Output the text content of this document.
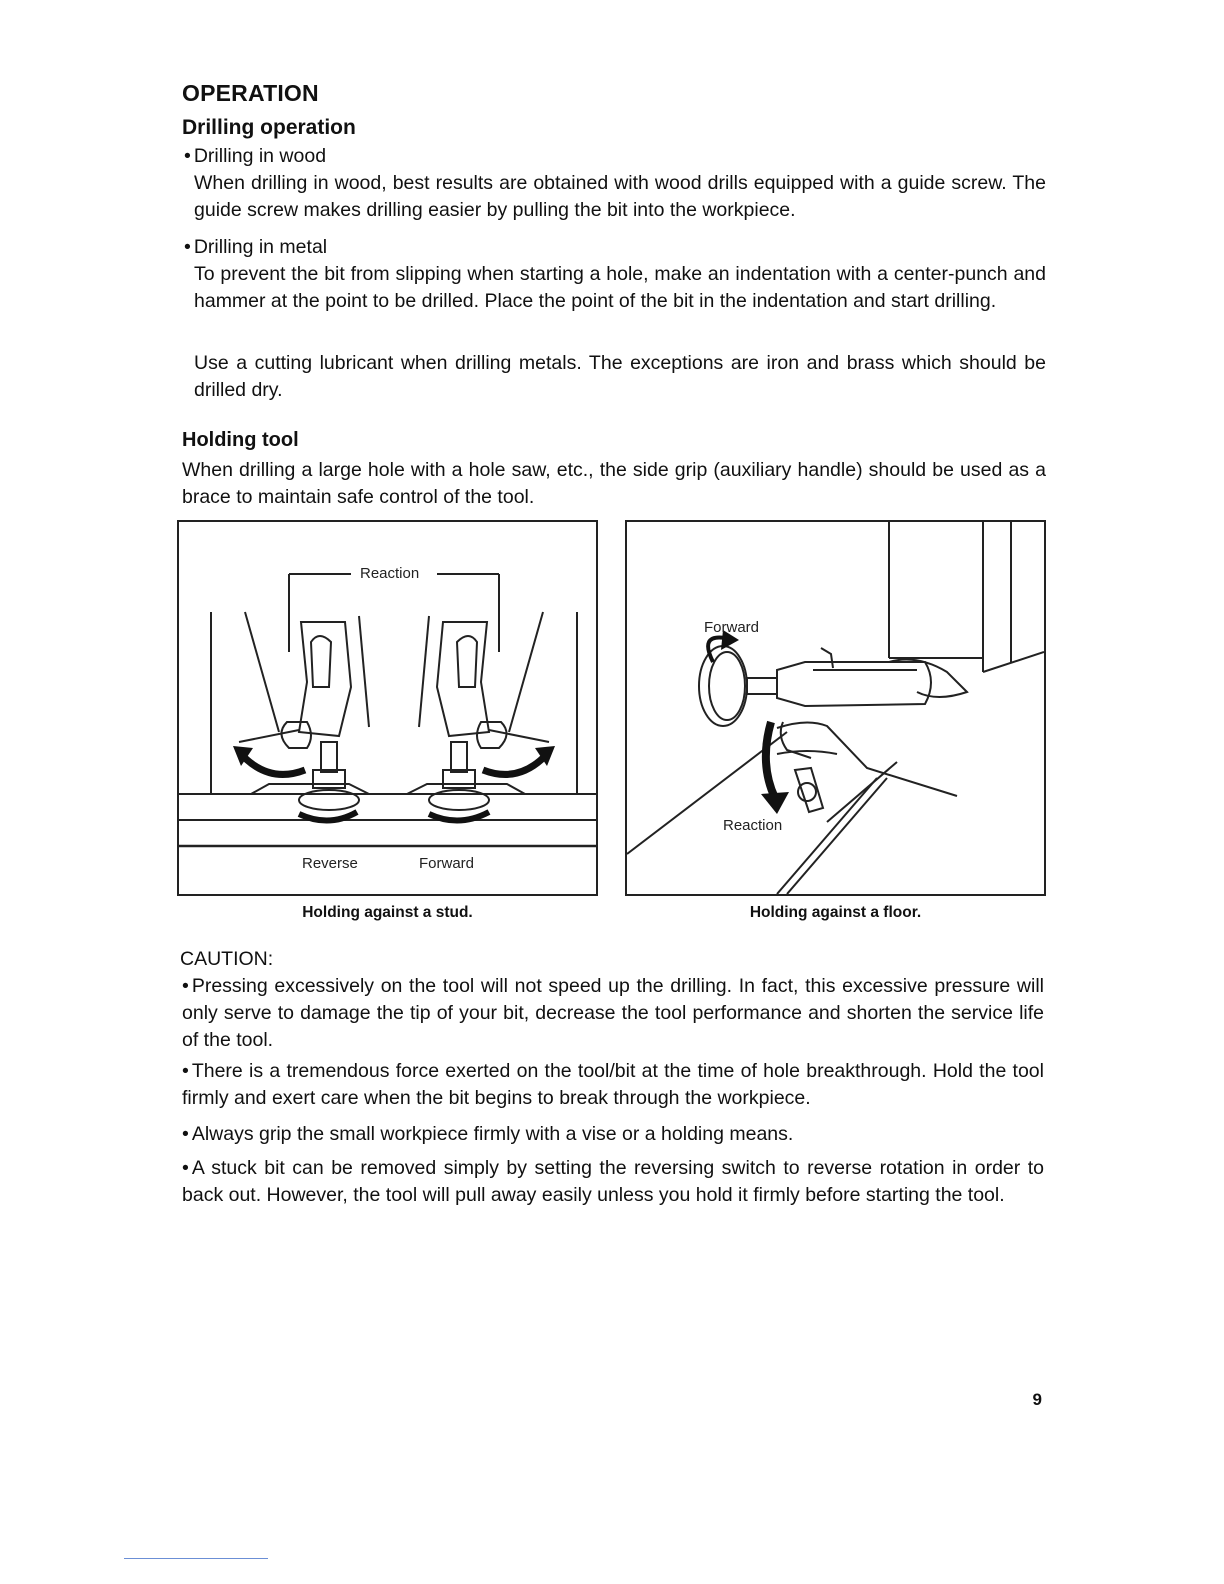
OPERATION
Drilling operation
• Drilling in wood
When drilling in wood, best results are obtained with wood drills equipped with a guide screw. The guide screw makes drilling easier by pulling the bit into the workpiece.
• Drilling in metal
To prevent the bit from slipping when starting a hole, make an indentation with a center-punch and hammer at the point to be drilled. Place the point of the bit in the indentation and start drilling.
Use a cutting lubricant when drilling metals. The exceptions are iron and brass which should be drilled dry.
Holding tool
When drilling a large hole with a hole saw, etc., the side grip (auxiliary handle) should be used as a brace to maintain safe control of the tool.
Reaction
Reverse	Forward
Holding against a stud.
Forward
Reaction
Holding against a floor.
CAUTION:
• Pressing excessively on the tool will not speed up the drilling. In fact, this excessive pressure will only serve to damage the tip of your bit, decrease the tool performance and shorten the service life of the tool.
• There is a tremendous force exerted on the tool/bit at the time of hole breakthrough. Hold the tool firmly and exert care when the bit begins to break through the workpiece.
• Always grip the small workpiece firmly with a vise or a holding means.
• A stuck bit can be removed simply by setting the reversing switch to reverse rotation in order to back out. However, the tool will pull away easily unless you hold it firmly before starting the tool.
9
